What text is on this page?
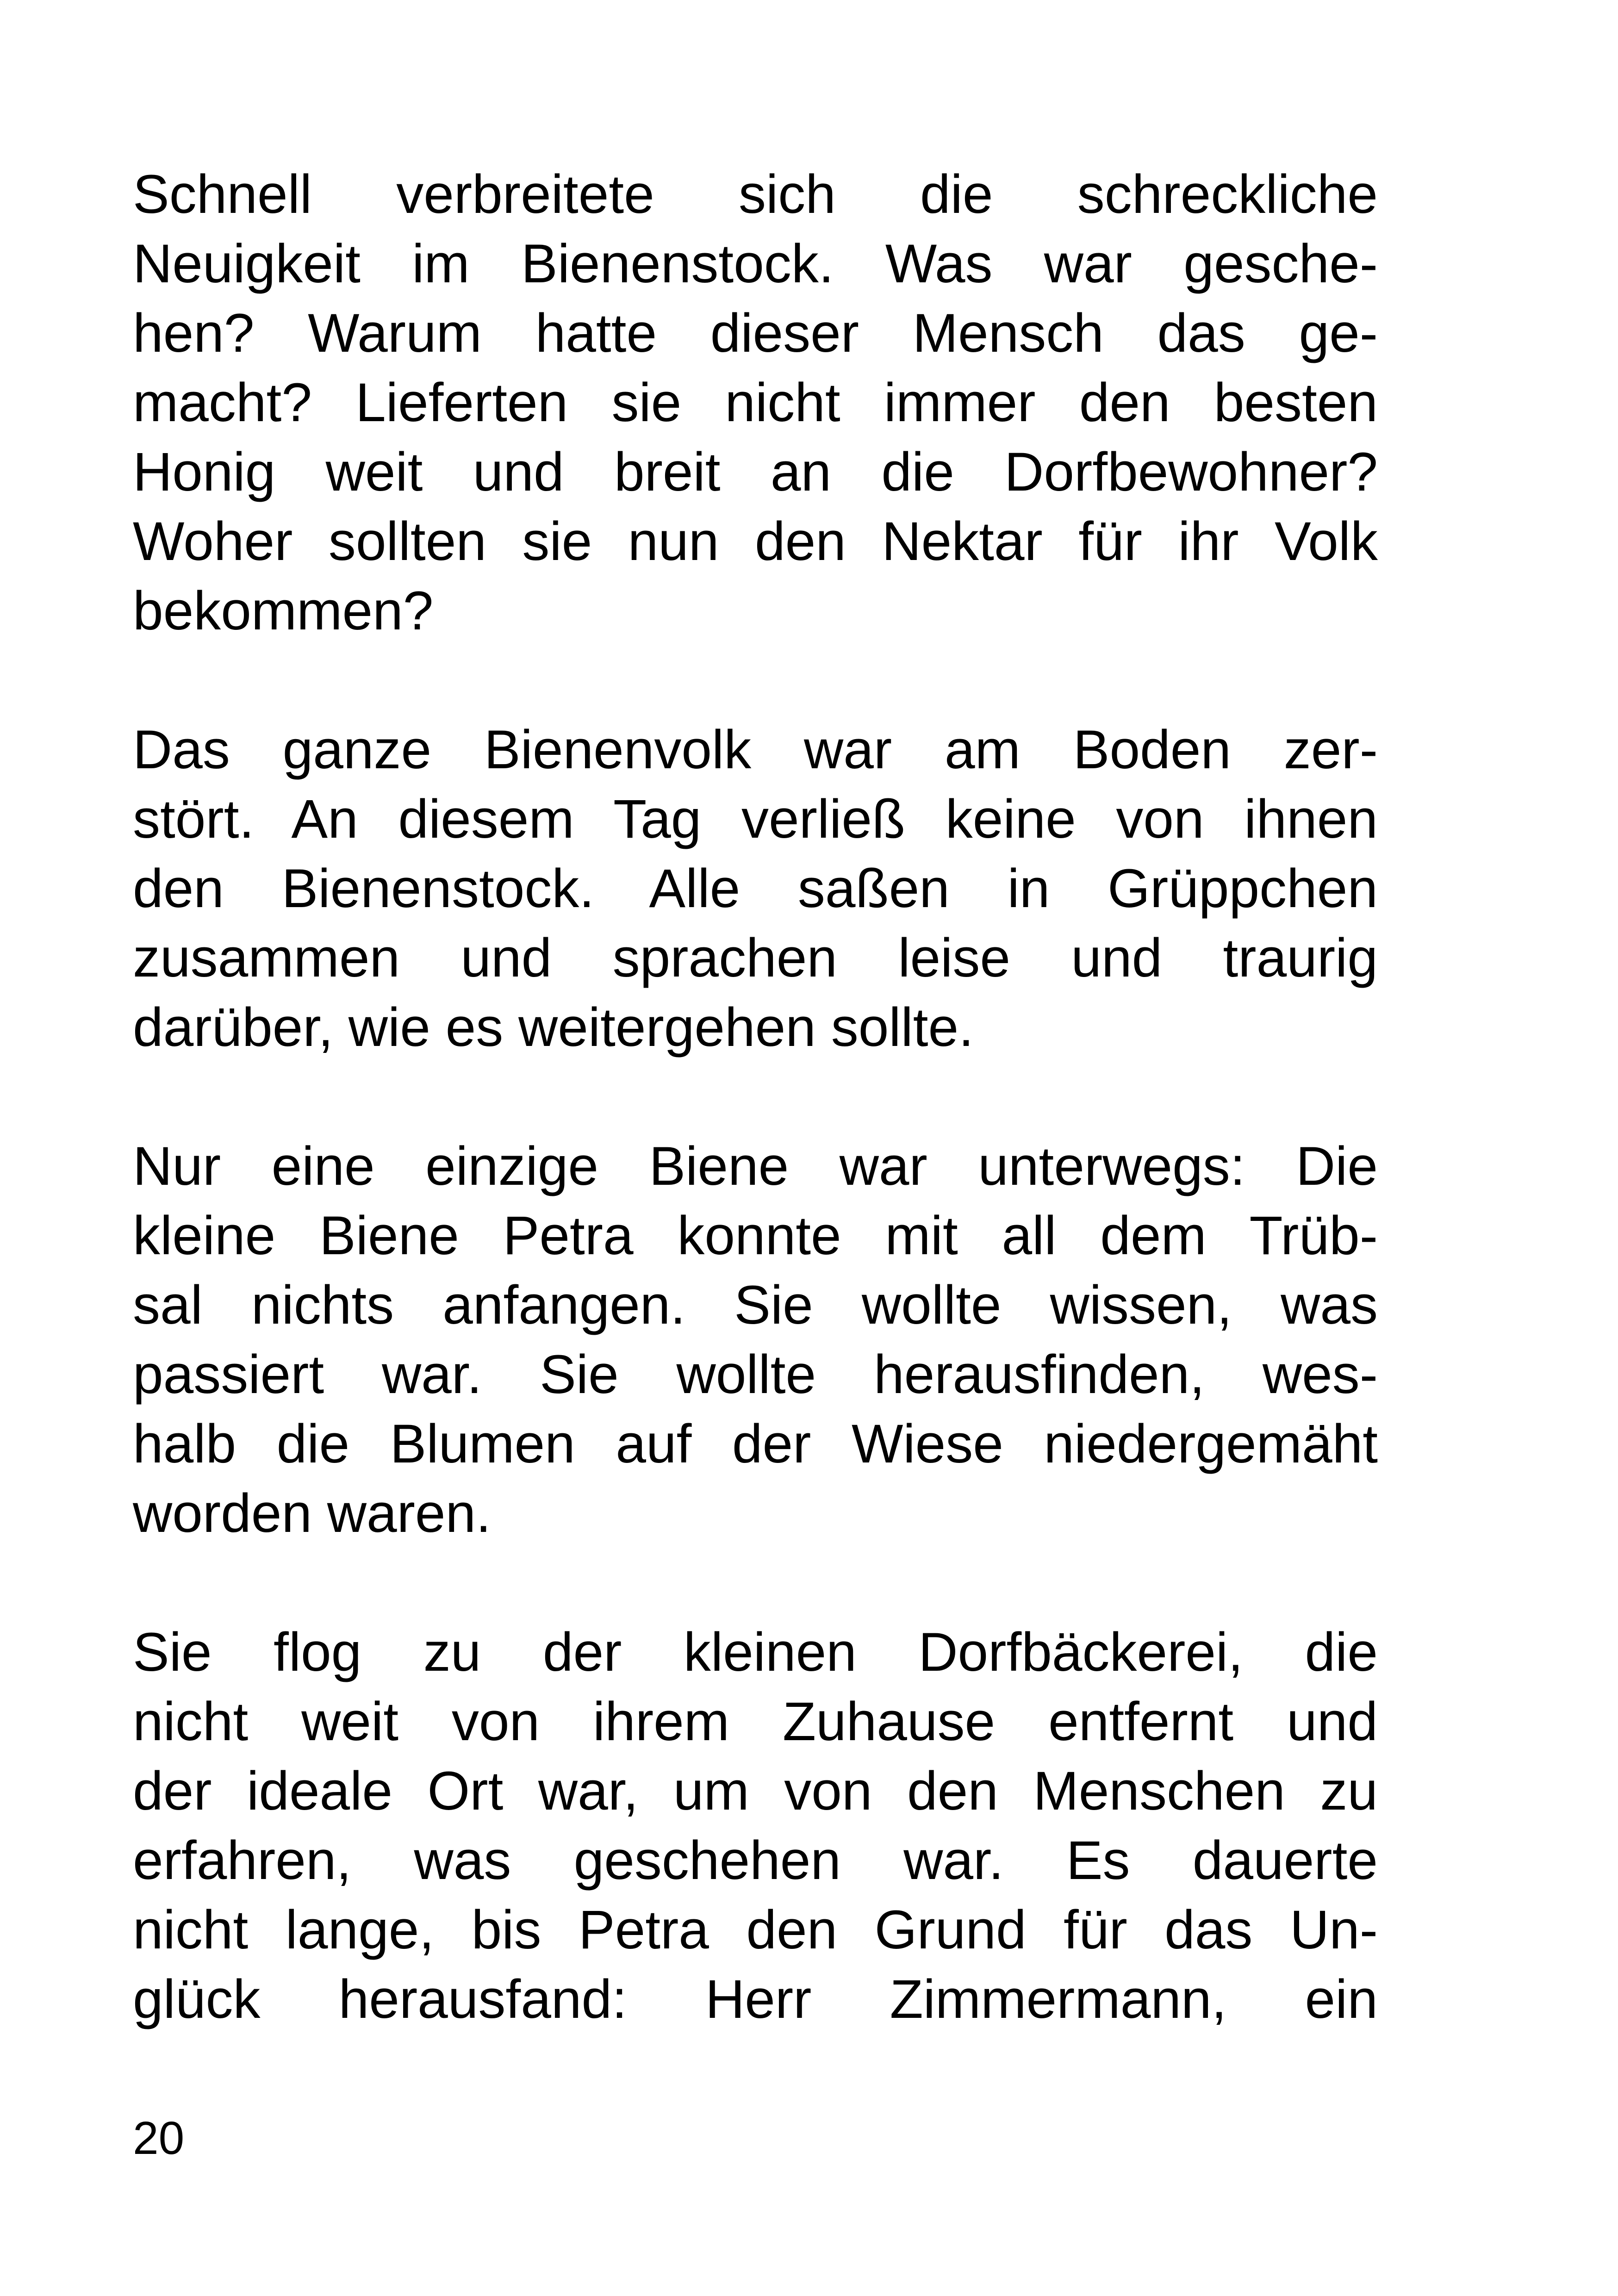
Schnell verbreitete sich die schreckliche
Neuigkeit im Bienenstock. Was war gesche-
hen? Warum hatte dieser Mensch das ge-
macht? Lieferten sie nicht immer den besten
Honig weit und breit an die Dorfbewohner?
Woher sollten sie nun den Nektar für ihr Volk
bekommen?
Das ganze Bienenvolk war am Boden zer-
stört. An diesem Tag verließ keine von ihnen
den Bienenstock. Alle saßen in Grüppchen
zusammen und sprachen leise und traurig
darüber, wie es weitergehen sollte.
Nur eine einzige Biene war unterwegs: Die
kleine Biene Petra konnte mit all dem Trüb-
sal nichts anfangen. Sie wollte wissen, was
passiert war. Sie wollte herausfinden, wes-
halb die Blumen auf der Wiese niedergemäht
worden waren.
Sie flog zu der kleinen Dorfbäckerei, die
nicht weit von ihrem Zuhause entfernt und
der ideale Ort war, um von den Menschen zu
erfahren, was geschehen war. Es dauerte
nicht lange, bis Petra den Grund für das Un-
glück herausfand: Herr Zimmermann, ein
20
